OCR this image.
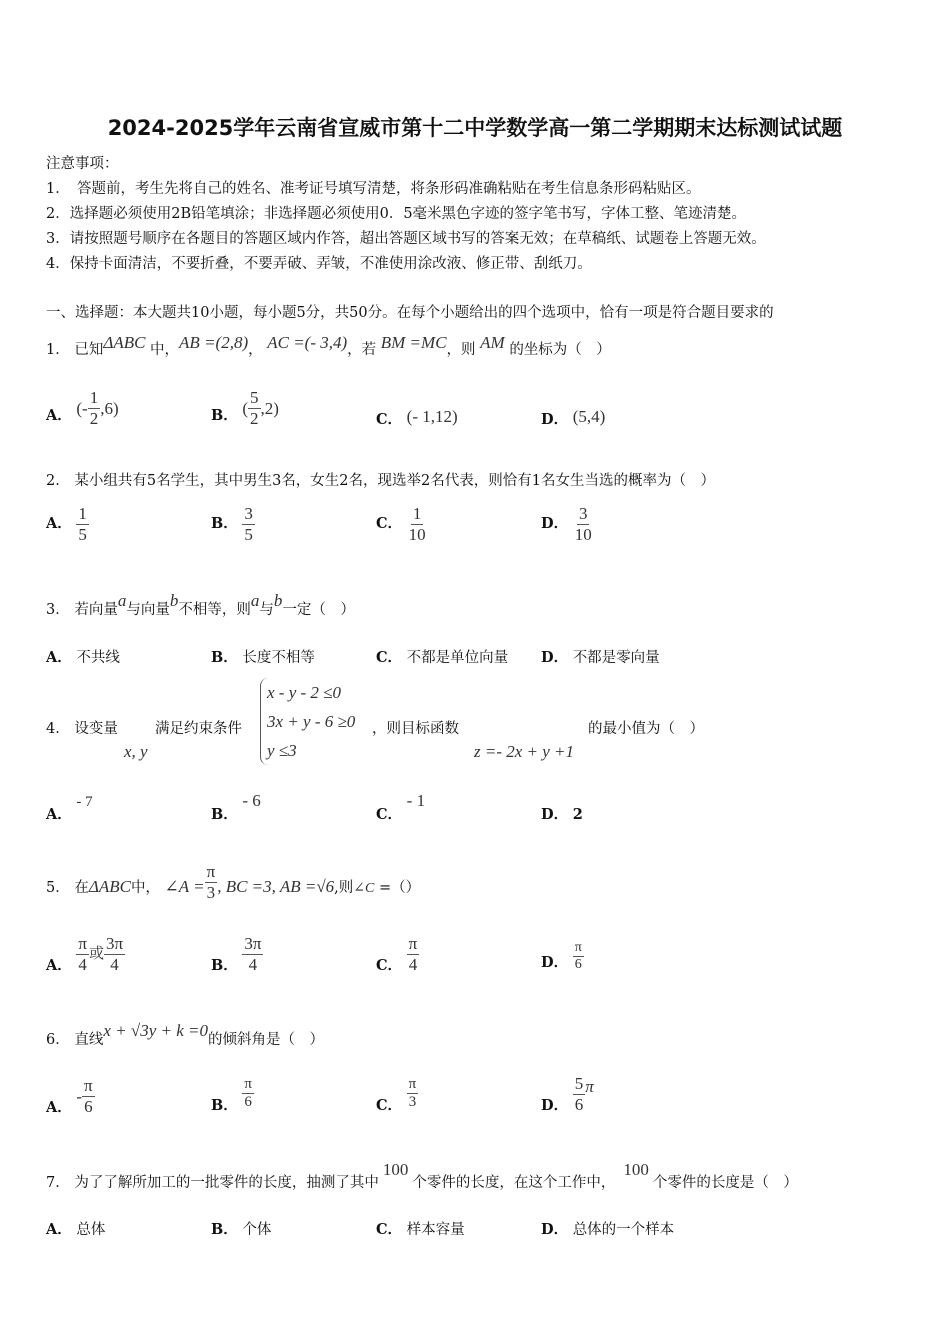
2024-2025学年云南省宣威市第十二中学数学高一第二学期期末达标测试试题
注意事项：
1．　答题前，考生先将自己的姓名、准考证号填写清楚，将条形码准确粘贴在考生信息条形码粘贴区。
2．选择题必须使用2B铅笔填涂；非选择题必须使用0．5毫米黑色字迹的签字笔书写，字体工整、笔迹清楚。
3．请按照题号顺序在各题目的答题区域内作答，超出答题区域书写的答案无效；在草稿纸、试题卷上答题无效。
4．保持卡面清洁，不要折叠，不要弄破、弄皱，不准使用涂改液、修正带、刮纸刀。
一、选择题：本大题共10小题，每小题5分，共50分。在每个小题给出的四个选项中，恰有一项是符合题目要求的
1． 已知ΔABC 中，AB =(2,8)， AC =(- 3,4)，若 BM =MC，则 AM 的坐标为（　）
A． (- $\frac{1}{2} ,6$)	B． ( $\frac{5}{2} ,2$)
C． (- 1,12)	D． (5,4)
2． 某小组共有5名学生，其中男生3名，女生2名，现选举2名代表，则恰有1名女生当选的概率为（　）
A． $\frac{1}{5}$	B． $\frac{3}{5}$	C． $\frac{1}{10}$	D． $\frac{3}{10}$
3． 若向量a与向量b不相等，则a与b一定（　）
A． 不共线	B． 长度不相等	C． 不都是单位向量 D． 不都是零向量
4． 设变量
x, y
满足约束条件
x - y - 2 ≤0
3x + y - 6 ≥0
y ≤3
，则目标函数
z =- 2x + y +1
的最小值为（　）
A． - 7
B． - 6
C． - 1
D． 2
5． 在ΔABC中， ∠A = $\frac{\pi}{3}$ , BC =3, AB =√6,则∠C =（）
A． $\frac{\pi}{4}$ 或 $\frac{3\pi}{4}$	B． $\frac{3\pi}{4}$	C． $\frac{\pi}{4}$	D． $\frac{\pi}{6}$
6． 直线x + √3y + k =0的倾斜角是（　）
A． - $\frac{\pi}{6}$	B． $\frac{\pi}{6}$	C． $\frac{\pi}{3}$	D． $\frac{5}{6}$ π
7． 为了了解所加工的一批零件的长度，抽测了其中100个零件的长度，在这个工作中，100个零件的长度是（　）
A． 总体	B． 个体	C． 样本容量	D． 总体的一个样本
